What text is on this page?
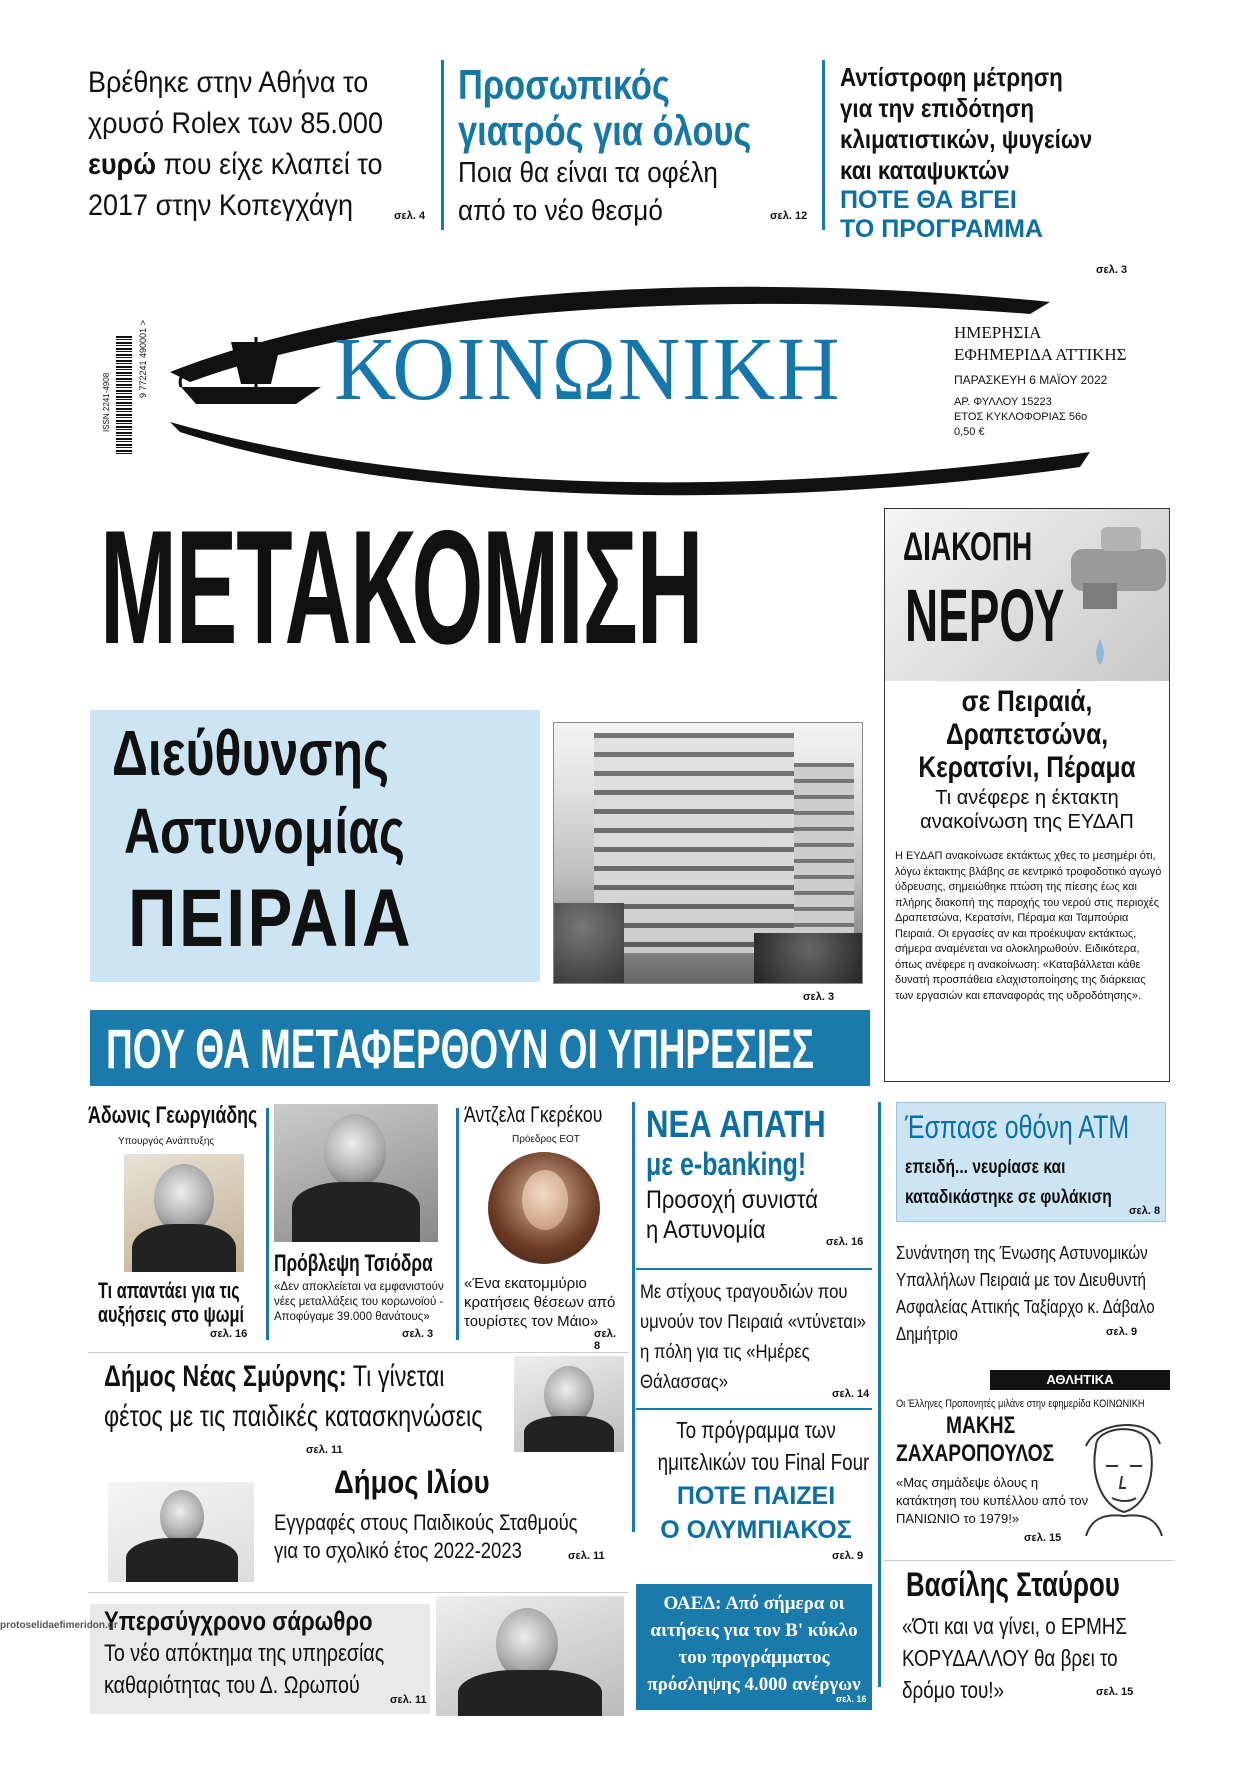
Βρέθηκε στην Αθήνα το
χρυσό Rolex των 85.000
ευρώ που είχε κλαπεί το
2017 στην Κοπεγχάγη	σελ. 4
Προσωπικός
γιατρός για όλους
Ποια θα είναι τα οφέλη
από το νέο θεσμό	σελ. 12
Αντίστροφη μέτρηση
για την επιδότηση
κλιματιστικών, ψυγείων
και καταψυκτών
ΠΟΤΕ ΘΑ ΒΓΕΙ
ΤΟ ΠΡΟΓΡΑΜΜΑ
σελ. 3
ΚΟΙΝΩΝΙΚΗ
9 772241 490001 >
ISSN 2241-4908
ΗΜΕΡΗΣΙΑ
ΕΦΗΜΕΡΙΔΑ ΑΤΤΙΚΗΣ
ΠΑΡΑΣΚΕΥΗ 6 ΜΑΪΟΥ 2022
ΑΡ. ΦΥΛΛΟΥ 15223
ΕΤΟΣ ΚΥΚΛΟΦΟΡΙΑΣ 56ο
0,50 €
ΜΕΤΑΚΟΜΙΣΗ
Διεύθυνσης
Αστυνομίας
ΠΕΙΡΑΙΑ
σελ. 3
ΠΟΥ ΘΑ ΜΕΤΑΦΕΡΘΟΥΝ ΟΙ ΥΠΗΡΕΣΙΕΣ
ΔΙΑΚΟΠΗ
ΝΕΡΟΥ
σε Πειραιά,
Δραπετσώνα,
Κερατσίνι, Πέραμα
Τι ανέφερε η έκτακτη
ανακοίνωση της ΕΥΔΑΠ
Η ΕΥΔΑΠ ανακοίνωσε εκτάκτως χθες το μεσημέρι ότι, λόγω έκτακτης βλάβης σε κεντρικό τροφοδοτικό αγωγό ύδρευσης, σημειώθηκε πτώση της πίεσης έως και πλήρης διακοπή της παροχής του νερού στις περιοχές Δραπετσώνα, Κερατσίνι, Πέραμα και Ταμπούρια Πειραιά. Οι εργασίες αν και προέκυψαν εκτάκτως, σήμερα αναμένεται να ολοκληρωθούν. Ειδικότερα, όπως ανέφερε η ανακοίνωση: «Καταβάλλεται κάθε δυνατή προσπάθεια ελαχιστοποίησης της διάρκειας των εργασιών και επαναφοράς της υδροδότησης».
Άδωνις Γεωργιάδης
Υπουργός Ανάπτυξης
Τι απαντάει για τις
αυξήσεις στο ψωμί
σελ. 16
Πρόβλεψη Τσιόδρα
«Δεν αποκλείεται να εμφανιστούν νέες μεταλλάξεις του κορωνοϊού - Αποφύγαμε 39.000 θανάτους»
σελ. 3
Άντζελα Γκερέκου
Πρόεδρος ΕΟΤ
«Ένα εκατομμύριο κρατήσεις θέσεων από τουρίστες τον Μάιο»
σελ. 8
ΝΕΑ ΑΠΑΤΗ
με e-banking!
Προσοχή συνιστά
η Αστυνομία	σελ. 16
Με στίχους τραγουδιών που υμνούν τον Πειραιά «ντύνεται» η πόλη για τις «Ημέρες Θάλασσας»
σελ. 14
Έσπασε οθόνη ΑΤΜ
επειδή... νευρίασε και καταδικάστηκε σε φυλάκιση
σελ. 8
Συνάντηση της Ένωσης Αστυνομικών Υπαλλήλων Πειραιά με τον Διευθυντή Ασφαλείας Αττικής Ταξίαρχο κ. Δάβαλο Δημήτριο	σελ. 9
Δήμος Νέας Σμύρνης: Τι γίνεται
φέτος με τις παιδικές κατασκηνώσεις
σελ. 11
Δήμος Ιλίου
Εγγραφές στους Παιδικούς Σταθμούς
για το σχολικό έτος 2022-2023	σελ. 11
Υπερσύγχρονο σάρωθρο
Το νέο απόκτημα της υπηρεσίας
καθαριότητας του Δ. Ωρωπού
σελ. 11
protoselidaefimeridon.gr
Το πρόγραμμα των
ημιτελικών του Final Four
ΠΟΤΕ ΠΑΙΖΕΙ
Ο ΟΛΥΜΠΙΑΚΟΣ
σελ. 9
ΟΑΕΔ: Από σήμερα οι αιτήσεις για τον Β' κύκλο του προγράμματος πρόσληψης 4.000 ανέργων
σελ. 16
ΑΘΛΗΤΙΚΑ
Οι Έλληνες Προπονητές μιλάνε στην εφημερίδα ΚΟΙΝΩΝΙΚΗ
ΜΑΚΗΣ
ΖΑΧΑΡΟΠΟΥΛΟΣ
«Μας σημάδεψε όλους η κατάκτηση του κυπέλλου από τον ΠΑΝΙΩΝΙΟ το 1979!»
σελ. 15
Βασίλης Σταύρου
«Ότι και να γίνει, ο ΕΡΜΗΣ ΚΟΡΥΔΑΛΛΟΥ θα βρει το δρόμο του!»	σελ. 15
